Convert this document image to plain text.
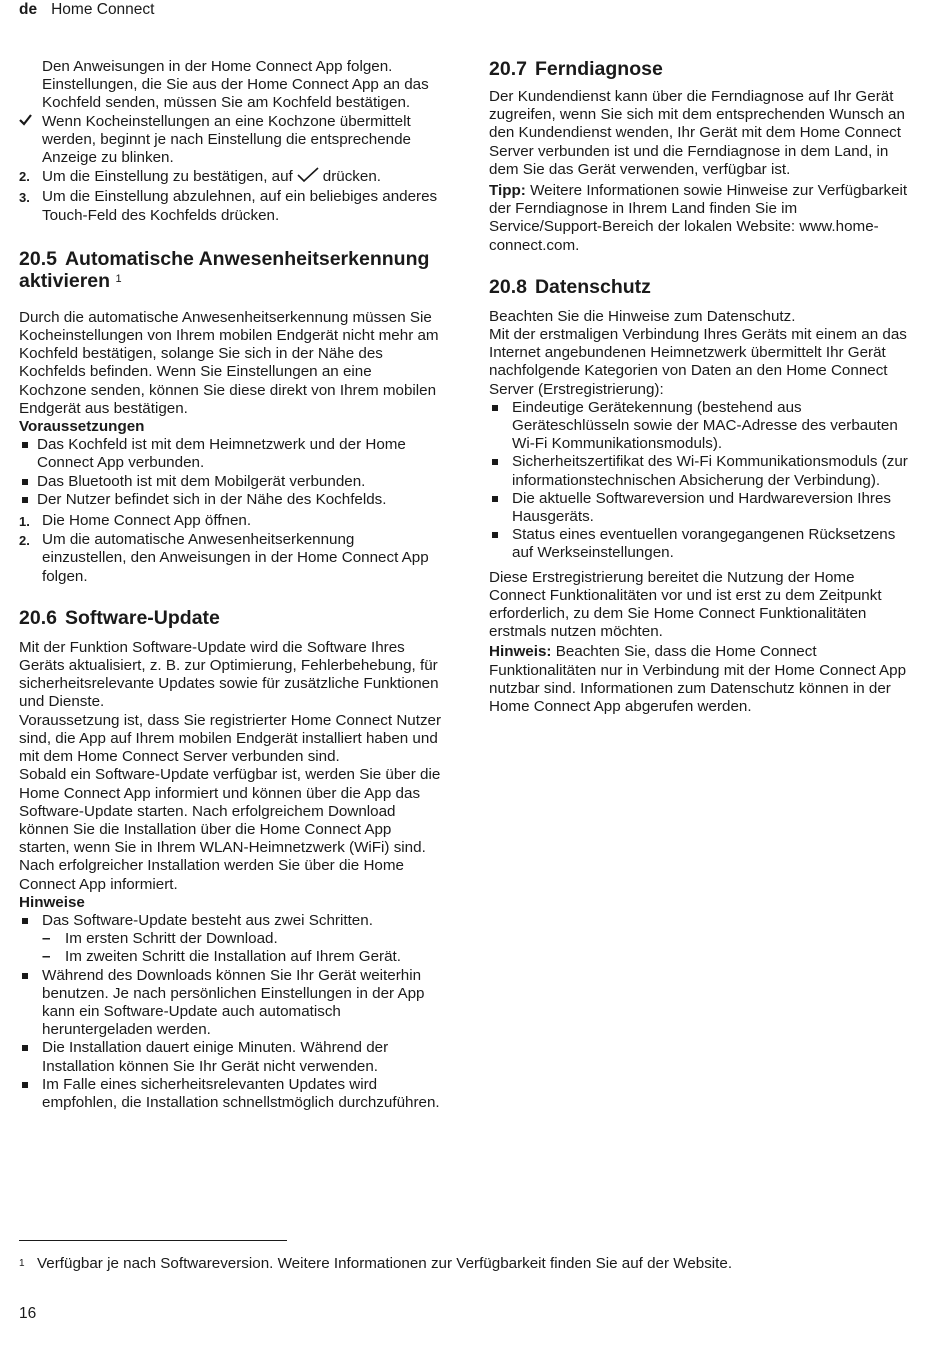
de Home Connect

Den Anweisungen in der Home Connect App folgen. Einstellungen, die Sie aus der Home Connect App an das Kochfeld senden, müssen Sie am Kochfeld bestätigen.

Wenn Kocheinstellungen an eine Kochzone übermittelt werden, beginnt je nach Einstellung die entsprechende Anzeige zu blinken.
2. Um die Einstellung zu bestätigen, auf drücken.
3. Um die Einstellung abzulehnen, auf ein beliebiges anderes Touch-Feld des Kochfelds drücken.
20.5 Automatische Anwesenheitserkennung aktivieren $^1$

Durch die automatische Anwesenheitserkennung müssen Sie Kocheinstellungen von Ihrem mobilen Endgerät nicht mehr am Kochfeld bestätigen, solange Sie sich in der Nähe des Kochfelds befinden. Wenn Sie Einstellungen an eine Kochzone senden, können Sie diese direkt von Ihrem mobilen Endgerät aus bestätigen.

Voraussetzungen

Das Kochfeld ist mit dem Heimnetzwerk und der Home Connect App verbunden.
Das Bluetooth ist mit dem Mobilgerät verbunden.
Der Nutzer befindet sich in der Nähe des Kochfelds.
1. Die Home Connect App öffnen.
2. Um die automatische Anwesenheitserkennung einzustellen, den Anweisungen in der Home Connect App folgen.
20.6 Software-Update

Mit der Funktion Software-Update wird die Software Ihres Geräts aktualisiert, z. B. zur Optimierung, Fehlerbehebung, für sicherheitsrelevante Updates sowie für zusätzliche Funktionen und Dienste.

Voraussetzung ist, dass Sie registrierter Home Connect Nutzer sind, die App auf Ihrem mobilen Endgerät installiert haben und mit dem Home Connect Server verbunden sind.

Sobald ein Software-Update verfügbar ist, werden Sie über die Home Connect App informiert und können über die App das Software-Update starten. Nach erfolgreichem Download können Sie die Installation über die Home Connect App starten, wenn Sie in Ihrem WLAN-Heimnetzwerk (WiFi) sind. Nach erfolgreicher Installation werden Sie über die Home Connect App informiert.

Hinweise

Das Software-Update besteht aus zwei Schritten.
– Im ersten Schritt der Download.
– Im zweiten Schritt die Installation auf Ihrem Gerät.
Während des Downloads können Sie Ihr Gerät weiterhin benutzen. Je nach persönlichen Einstellungen in der App kann ein Software-Update auch automatisch heruntergeladen werden.
Die Installation dauert einige Minuten. Während der Installation können Sie Ihr Gerät nicht verwenden.
Im Falle eines sicherheitsrelevanten Updates wird empfohlen, die Installation schnellstmöglich durchzuführen.
20.7 Ferndiagnose

Der Kundendienst kann über die Ferndiagnose auf Ihr Gerät zugreifen, wenn Sie sich mit dem entsprechenden Wunsch an den Kundendienst wenden, Ihr Gerät mit dem Home Connect Server verbunden ist und die Ferndiagnose in dem Land, in dem Sie das Gerät verwenden, verfügbar ist.

Tipp: Weitere Informationen sowie Hinweise zur Verfügbarkeit der Ferndiagnose in Ihrem Land finden Sie im Service/Support-Bereich der lokalen Website: www.home-connect.com.

20.8 Datenschutz

Beachten Sie die Hinweise zum Datenschutz.

Mit der erstmaligen Verbindung Ihres Geräts mit einem an das Internet angebundenen Heimnetzwerk übermittelt Ihr Gerät nachfolgende Kategorien von Daten an den Home Connect Server (Erstregistrierung):

Eindeutige Gerätekennung (bestehend aus Geräteschlüsseln sowie der MAC-Adresse des verbauten Wi-Fi Kommunikationsmoduls).
Sicherheitszertifikat des Wi-Fi Kommunikationsmoduls (zur informationstechnischen Absicherung der Verbindung).
Die aktuelle Softwareversion und Hardwareversion Ihres Hausgeräts.
Status eines eventuellen vorangegangenen Rücksetzens auf Werkseinstellungen.

Diese Erstregistrierung bereitet die Nutzung der Home Connect Funktionalitäten vor und ist erst zu dem Zeitpunkt erforderlich, zu dem Sie Home Connect Funktionalitäten erstmals nutzen möchten.

Hinweis: Beachten Sie, dass die Home Connect Funktionalitäten nur in Verbindung mit der Home Connect App nutzbar sind. Informationen zum Datenschutz können in der Home Connect App abgerufen werden.

1 Verfügbar je nach Softwareversion. Weitere Informationen zur Verfügbarkeit finden Sie auf der Website.
16
